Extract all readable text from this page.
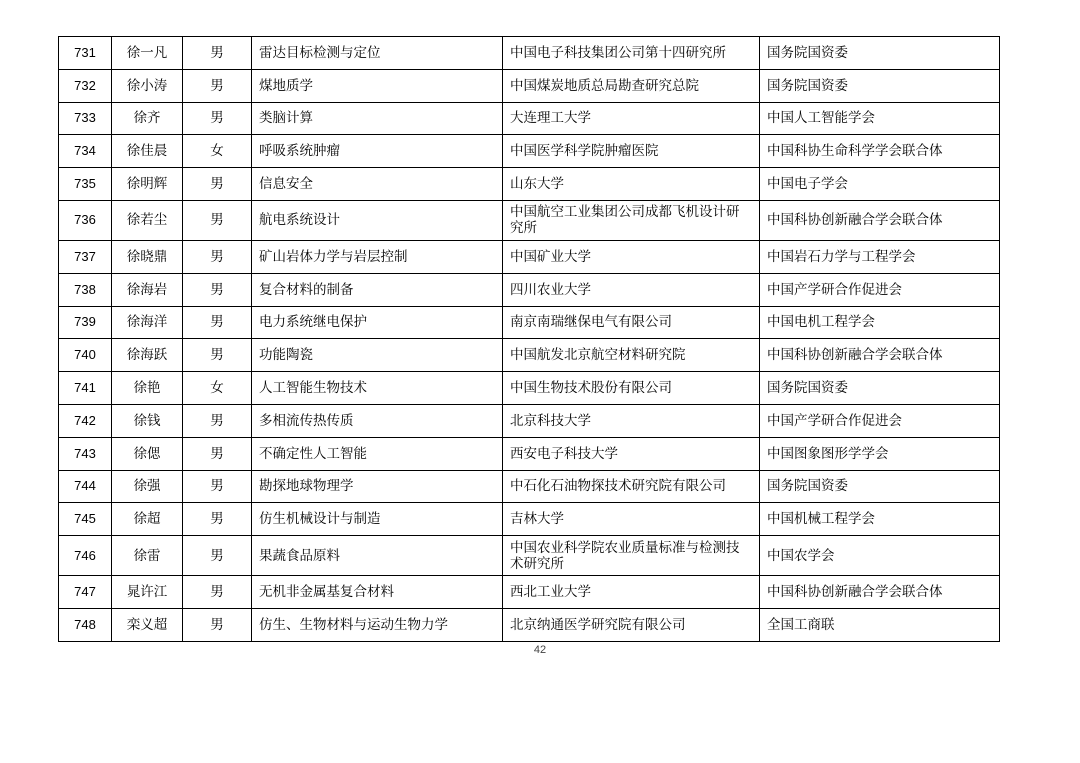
731	徐一凡	男	雷达目标检测与定位	中国电子科技集团公司第十四研究所	国务院国资委
732	徐小涛	男	煤地质学	中国煤炭地质总局勘查研究总院	国务院国资委
733	徐齐	男	类脑计算	大连理工大学	中国人工智能学会
734	徐佳晨	女	呼吸系统肿瘤	中国医学科学院肿瘤医院	中国科协生命科学学会联合体
735	徐明辉	男	信息安全	山东大学	中国电子学会
736	徐若尘	男	航电系统设计	中国航空工业集团公司成都飞机设计研究所	中国科协创新融合学会联合体
737	徐晓鼎	男	矿山岩体力学与岩层控制	中国矿业大学	中国岩石力学与工程学会
738	徐海岩	男	复合材料的制备	四川农业大学	中国产学研合作促进会
739	徐海洋	男	电力系统继电保护	南京南瑞继保电气有限公司	中国电机工程学会
740	徐海跃	男	功能陶瓷	中国航发北京航空材料研究院	中国科协创新融合学会联合体
741	徐艳	女	人工智能生物技术	中国生物技术股份有限公司	国务院国资委
742	徐钱	男	多相流传热传质	北京科技大学	中国产学研合作促进会
743	徐偲	男	不确定性人工智能	西安电子科技大学	中国图象图形学学会
744	徐强	男	勘探地球物理学	中石化石油物探技术研究院有限公司	国务院国资委
745	徐超	男	仿生机械设计与制造	吉林大学	中国机械工程学会
746	徐雷	男	果蔬食品原料	中国农业科学院农业质量标准与检测技术研究所	中国农学会
747	晁许江	男	无机非金属基复合材料	西北工业大学	中国科协创新融合学会联合体
748	栾义超	男	仿生、生物材料与运动生物力学	北京纳通医学研究院有限公司	全国工商联
42
